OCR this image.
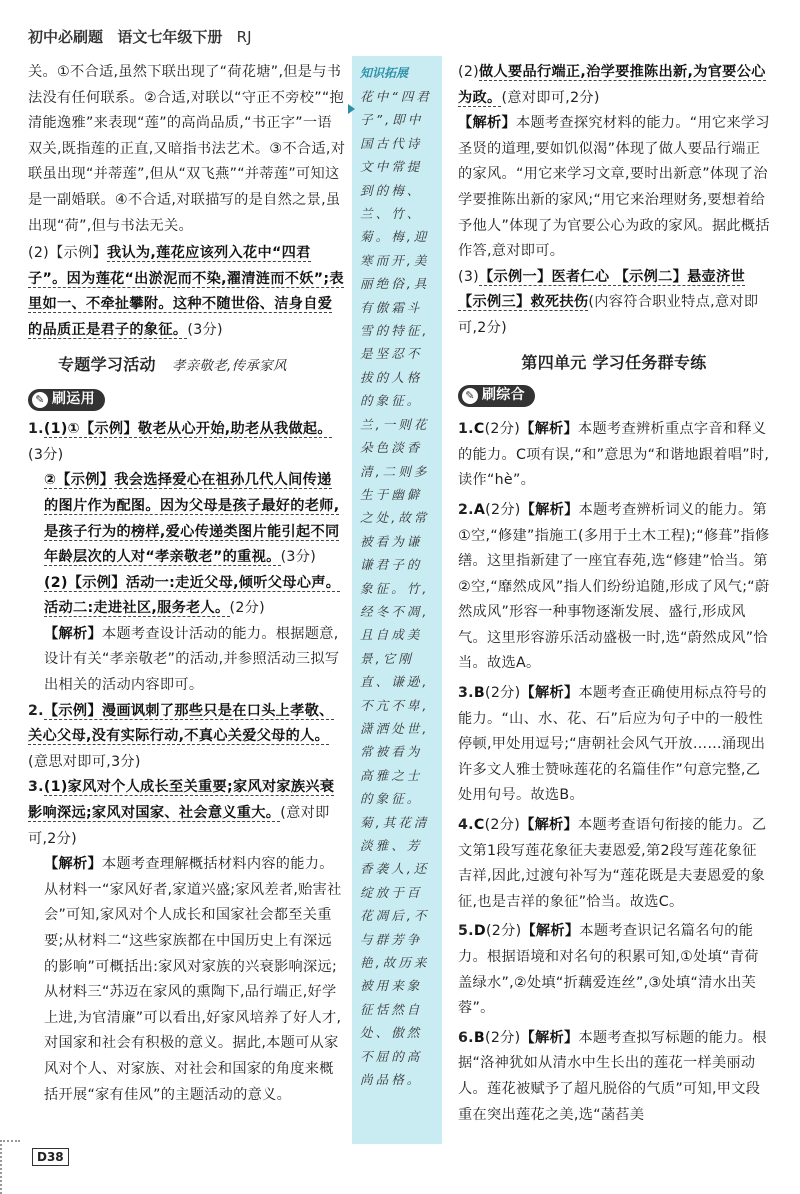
初中必刷题 语文七年级下册 RJ

关。①不合适,虽然下联出现了“荷花塘”,但是与书法没有任何联系。②合适,对联以“守正不旁校”“抱清能逸雅”来表现“莲”的高尚品质,“书正字”一语双关,既指莲的正直,又暗指书法艺术。③不合适,对联虽出现“并蒂莲”,但从“双飞燕”“并蒂莲”可知这是一副婚联。④不合适,对联描写的是自然之景,虽出现“荷”,但与书法无关。

(2)【示例】我认为,莲花应该列入花中“四君子”。因为莲花“出淤泥而不染,濯清涟而不妖”;表里如一、不牵扯攀附。这种不随世俗、洁身自爱的品质正是君子的象征。(3分)

专题学习活动 孝亲敬老,传承家风
✎ 刷运用

1.(1)①【示例】敬老从心开始,助老从我做起。(3分)

②【示例】我会选择爱心在祖孙几代人间传递的图片作为配图。因为父母是孩子最好的老师,是孩子行为的榜样,爱心传递类图片能引起不同年龄层次的人对“孝亲敬老”的重视。(3分)

(2)【示例】活动一:走近父母,倾听父母心声。活动二:走进社区,服务老人。(2分)

【解析】本题考查设计活动的能力。根据题意,设计有关“孝亲敬老”的活动,并参照活动三拟写出相关的活动内容即可。

2.【示例】漫画讽刺了那些只是在口头上孝敬、关心父母,没有实际行动,不真心关爱父母的人。(意思对即可,3分)

3.(1)家风对个人成长至关重要;家风对家族兴衰影响深远;家风对国家、社会意义重大。(意对即可,2分)

【解析】本题考查理解概括材料内容的能力。从材料一“家风好者,家道兴盛;家风差者,贻害社会”可知,家风对个人成长和国家社会都至关重要;从材料二“这些家族都在中国历史上有深远的影响”可概括出:家风对家族的兴衰影响深远;从材料三“苏迈在家风的熏陶下,品行端正,好学上进,为官清廉”可以看出,好家风培养了好人才,对国家和社会有积极的意义。据此,本题可从家风对个人、对家族、对社会和国家的角度来概括开展“家有佳风”的主题活动的意义。

知识拓展
花中“四君子”,即中国古代诗文中常提到的梅、兰、竹、菊。梅,迎寒而开,美丽绝俗,具有傲霜斗雪的特征,是坚忍不拔的人格的象征。兰,一则花朵色淡香清,二则多生于幽僻之处,故常被看为谦谦君子的象征。竹,经冬不凋,且自成美景,它刚直、谦逊,不亢不卑,潇洒处世,常被看为高雅之士的象征。菊,其花清淡雅、芳香袭人,还绽放于百花凋后,不与群芳争艳,故历来被用来象征恬然自处、傲然不屈的高尚品格。

(2)做人要品行端正,治学要推陈出新,为官要公心为政。(意对即可,2分)

【解析】本题考查探究材料的能力。“用它来学习圣贤的道理,要如饥似渴”体现了做人要品行端正的家风。“用它来学习文章,要时出新意”体现了治学要推陈出新的家风;“用它来治理财务,要想着给予他人”体现了为官要公心为政的家风。据此概括作答,意对即可。

(3)【示例一】医者仁心 【示例二】悬壶济世 【示例三】救死扶伤(内容符合职业特点,意对即可,2分)

第四单元 学习任务群专练
✎ 刷综合

1.C(2分)【解析】本题考查辨析重点字音和释义的能力。C项有误,“和”意思为“和谐地跟着唱”时,读作“hè”。

2.A(2分)【解析】本题考查辨析词义的能力。第①空,“修建”指施工(多用于土木工程);“修葺”指修缮。这里指新建了一座宜春苑,选“修建”恰当。第②空,“靡然成风”指人们纷纷追随,形成了风气;“蔚然成风”形容一种事物逐渐发展、盛行,形成风气。这里形容游乐活动盛极一时,选“蔚然成风”恰当。故选A。

3.B(2分)【解析】本题考查正确使用标点符号的能力。“山、水、花、石”后应为句子中的一般性停顿,甲处用逗号;“唐朝社会风气开放……涌现出许多文人雅士赞咏莲花的名篇佳作”句意完整,乙处用句号。故选B。

4.C(2分)【解析】本题考查语句衔接的能力。乙文第1段写莲花象征夫妻恩爱,第2段写莲花象征吉祥,因此,过渡句补写为“莲花既是夫妻恩爱的象征,也是吉祥的象征”恰当。故选C。

5.D(2分)【解析】本题考查识记名篇名句的能力。根据语境和对名句的积累可知,①处填“青荷盖绿水”,②处填“折藕爱连丝”,③处填“清水出芙蓉”。

6.B(2分)【解析】本题考查拟写标题的能力。根据“洛神犹如从清水中生长出的莲花一样美丽动人。莲花被赋予了超凡脱俗的气质”可知,甲文段重在突出莲花之美,选“菡萏美

D38
